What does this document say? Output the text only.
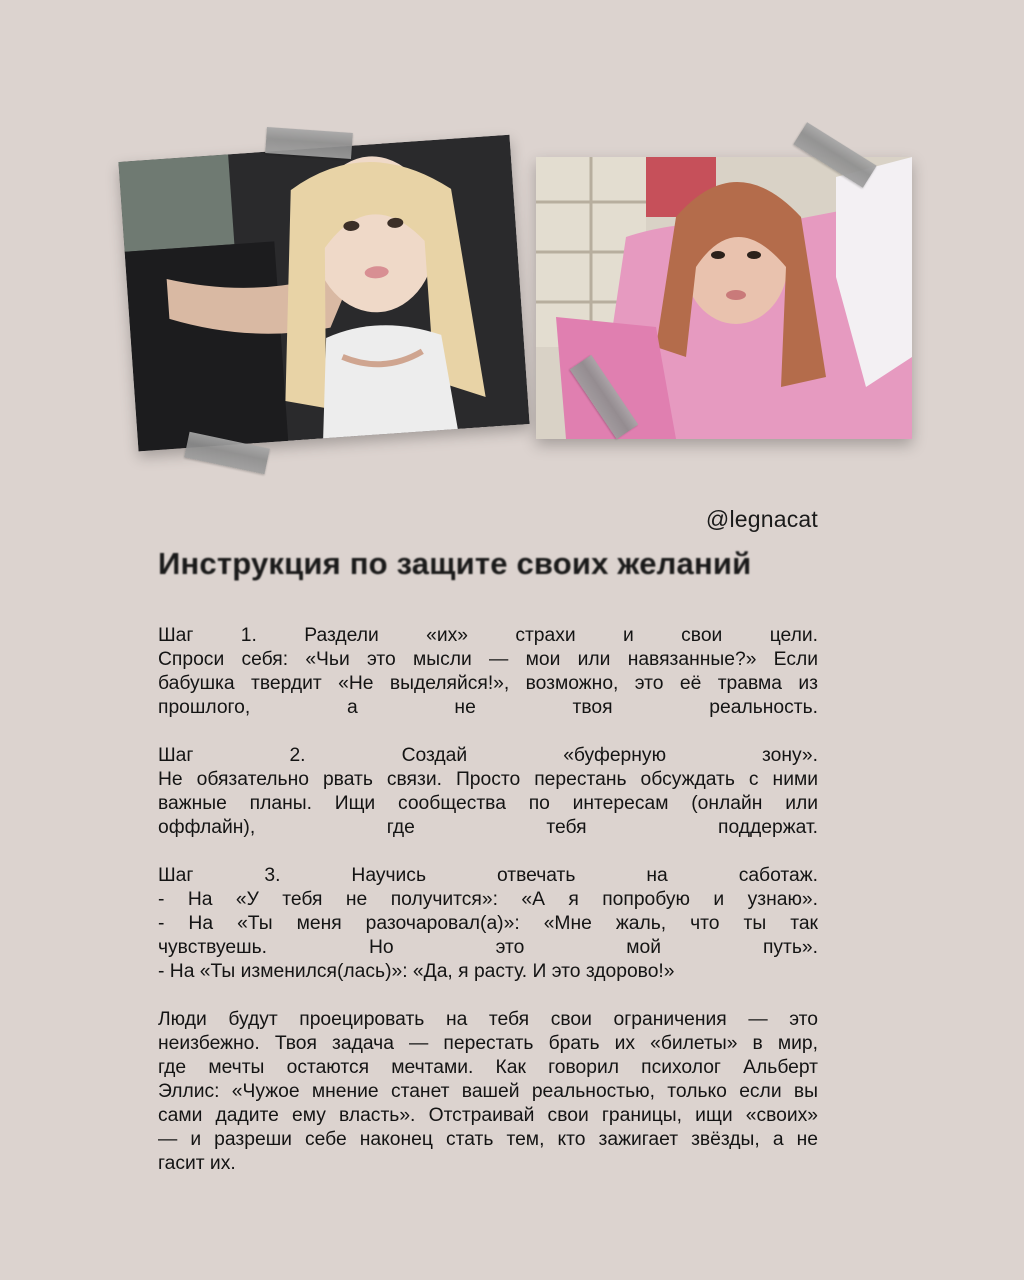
@legnacat
Инструкция по защите своих желаний

Шаг 1. Раздели «их» страхи и свои цели.

Спроси себя: «Чьи это мысли — мои или навязанные?» Если

бабушка твердит «Не выделяйся!», возможно, это её травма из

прошлого, а не твоя реальность.

Шаг 2. Создай «буферную зону».

Не обязательно рвать связи. Просто перестань обсуждать с ними

важные планы. Ищи сообщества по интересам (онлайн или

оффлайн), где тебя поддержат.

Шаг 3. Научись отвечать на саботаж.

- На «У тебя не получится»: «А я попробую и узнаю».

- На «Ты меня разочаровал(а)»: «Мне жаль, что ты так

чувствуешь. Но это мой путь».

- На «Ты изменился(лась)»: «Да, я расту. И это здорово!»

Люди будут проецировать на тебя свои ограничения — это

неизбежно. Твоя задача — перестать брать их «билеты» в мир,

где мечты остаются мечтами. Как говорил психолог Альберт

Эллис: «Чужое мнение станет вашей реальностью, только если вы

сами дадите ему власть». Отстраивай свои границы, ищи «своих»

— и разреши себе наконец стать тем, кто зажигает звёзды, а не

гасит их.
